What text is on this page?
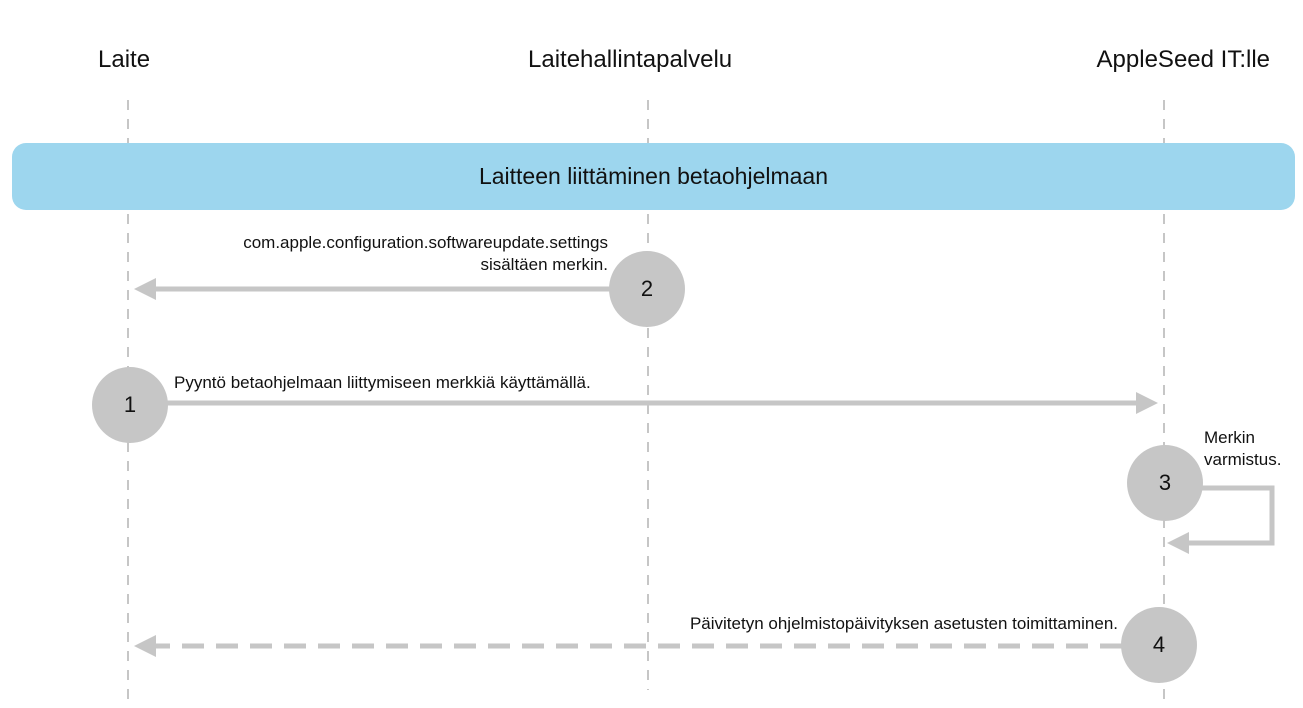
Laite	Laitehallintapalvelu	AppleSeed IT:lle
Laitteen liittäminen betaohjelmaan
com.apple.configuration.softwareupdate.settings
sisältäen merkin.
2
Pyyntö betaohjelmaan liittymiseen merkkiä käyttämällä.
1
Merkin
varmistus.
3
Päivitetyn ohjelmistopäivityksen asetusten toimittaminen.
4
